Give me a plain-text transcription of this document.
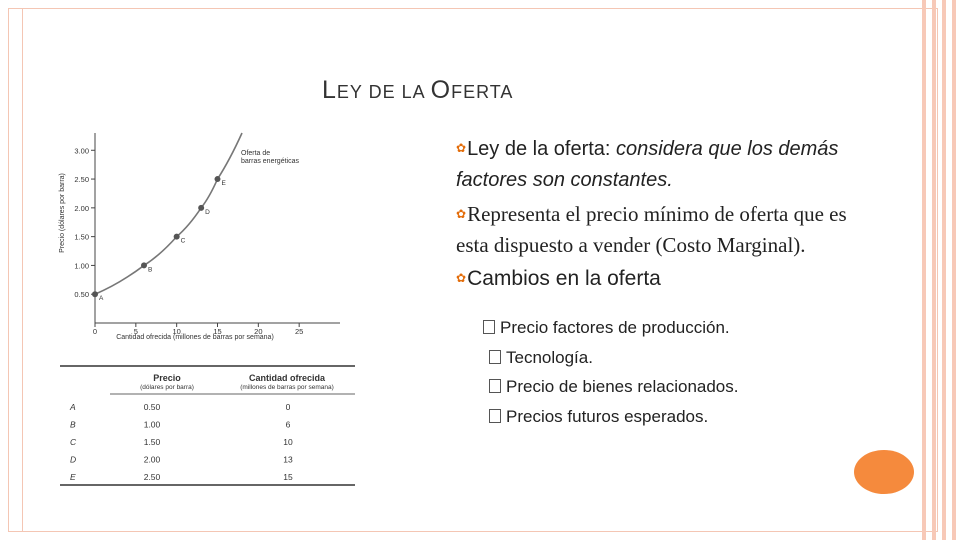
LEY DE LA OFERTA
Precio (dólares por barra)
Cantidad ofrecida (millones de barras por semana)
Oferta de barras energéticas
0.50
1.00
1.50
2.00
2.50
3.00
0	5	10	15	20	25
A
B
C
D
E
Precio
(dólares por barra)
Cantidad ofrecida
(millones de barras por semana)
A	0.50	0
B	1.00	6
C	1.50	10
D	2.00	13
E	2.50	15
✿Ley de la oferta: considera que los demás factores son constantes.
✿Representa el precio mínimo de oferta que es esta dispuesto a vender (Costo Marginal).
✿Cambios en la oferta
Precio factores de producción.
Tecnología.
Precio de bienes relacionados.
Precios futuros esperados.
